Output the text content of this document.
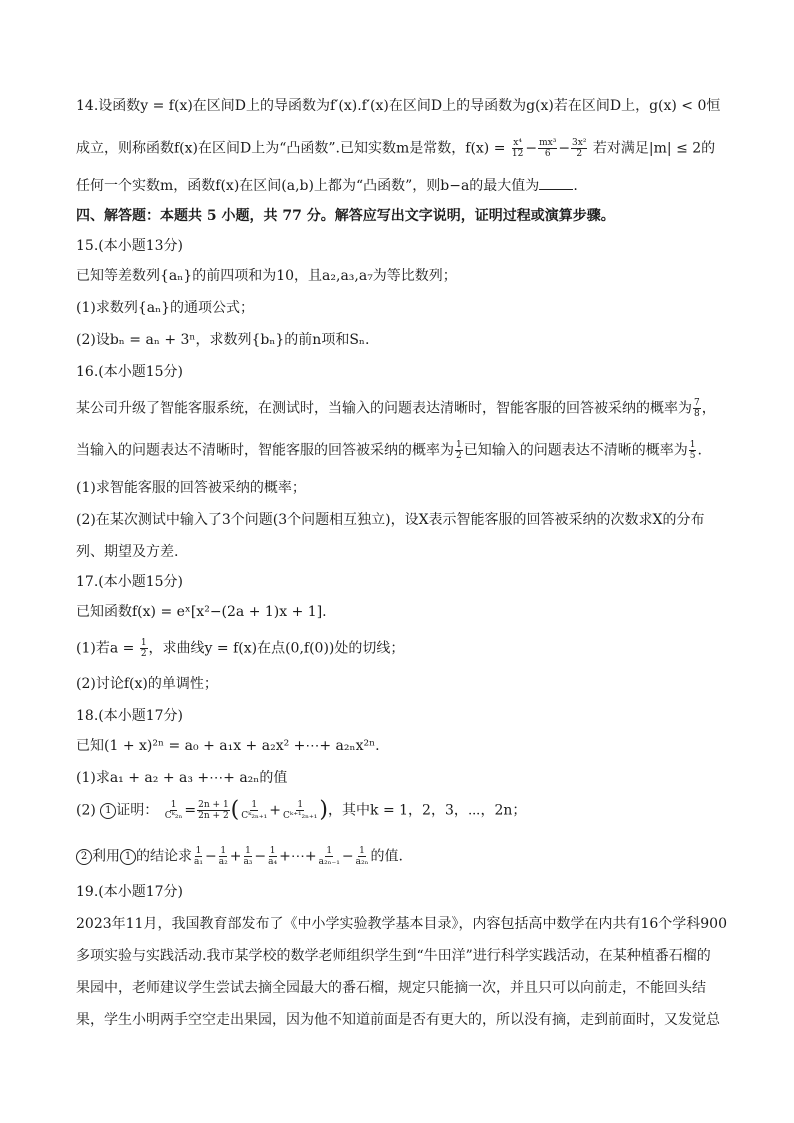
14.设函数y = f(x)在区间D上的导函数为f′(x).f′(x)在区间D上的导函数为g(x)若在区间D上，g(x) < 0恒
成立，则称函数f(x)在区间D上为“凸函数”.已知实数m是常数，$f(x) = \frac{\text{x⁴}}{12} - \frac{\text{mx³}}{6} - \frac{\text{3x²}}{2}$ 若对满足|m| ≤ 2的
任何一个实数m，函数f(x)在区间(a,b)上都为“凸函数”，则b−a的最大值为 .
四、解答题：本题共 5 小题，共 77 分。解答应写出文字说明，证明过程或演算步骤。
15.(本小题13分)
已知等差数列{aₙ}的前四项和为10，且a₂,a₃,a₇为等比数列；
(1)求数列{aₙ}的通项公式；
(2)设bₙ = aₙ + 3ⁿ，求数列{bₙ}的前n项和Sₙ.
16.(本小题15分)
某公司升级了智能客服系统，在测试时，当输入的问题表达清晰时，智能客服的回答被采纳的概率为 $\frac{7}{8}$ ，
当输入的问题表达不清晰时，智能客服的回答被采纳的概率为 $\frac{1}{2}$ 已知输入的问题表达不清晰的概率为 $\frac{1}{5}$ .
(1)求智能客服的回答被采纳的概率；
(2)在某次测试中输入了3个问题(3个问题相互独立)，设X表示智能客服的回答被采纳的次数求X的分布
列、期望及方差.
17.(本小题15分)
已知函数f(x) = eˣ[x²−(2a + 1)x + 1].
(1)若$a = \frac{1}{2}$ ，求曲线y = f(x)在点(0,f(0))处的切线；
(2)讨论f(x)的单调性；
18.(本小题17分)
已知(1 + x)²ⁿ = a₀ + a₁x + a₂x² +⋯+ a₂ₙx²ⁿ.
(1)求a₁ + a₂ + a₃ +⋯+ a₂ₙ的值
(2) 1 证明： $\frac{1}{\text{Cᵏ₂ₙ}} = \frac{2n + 1}{2n + 2}$ ( $\frac{1}{\text{Cᵏ₂ₙ₊₁}} + \frac{1}{\text{Cᵏ⁺¹₂ₙ₊₁}}$ )，其中k = 1，2，3，⋯，2n；
2 利用 1 的结论求 $\frac{1}{\text{a₁}} - \frac{1}{\text{a₂}} + \frac{1}{\text{a₃}} - \frac{1}{\text{a₄}}$ +⋯+ $\frac{1}{\text{a₂ₙ₋₁}} - \frac{1}{\text{a₂ₙ}}$ 的值.
19.(本小题17分)
2023年11月，我国教育部发布了《中小学实验教学基本目录》，内容包括高中数学在内共有16个学科900
多项实验与实践活动.我市某学校的数学老师组织学生到“牛田洋”进行科学实践活动，在某种植番石榴的
果园中，老师建议学生尝试去摘全园最大的番石榴，规定只能摘一次，并且只可以向前走，不能回头结
果，学生小明两手空空走出果园，因为他不知道前面是否有更大的，所以没有摘，走到前面时，又发觉总
